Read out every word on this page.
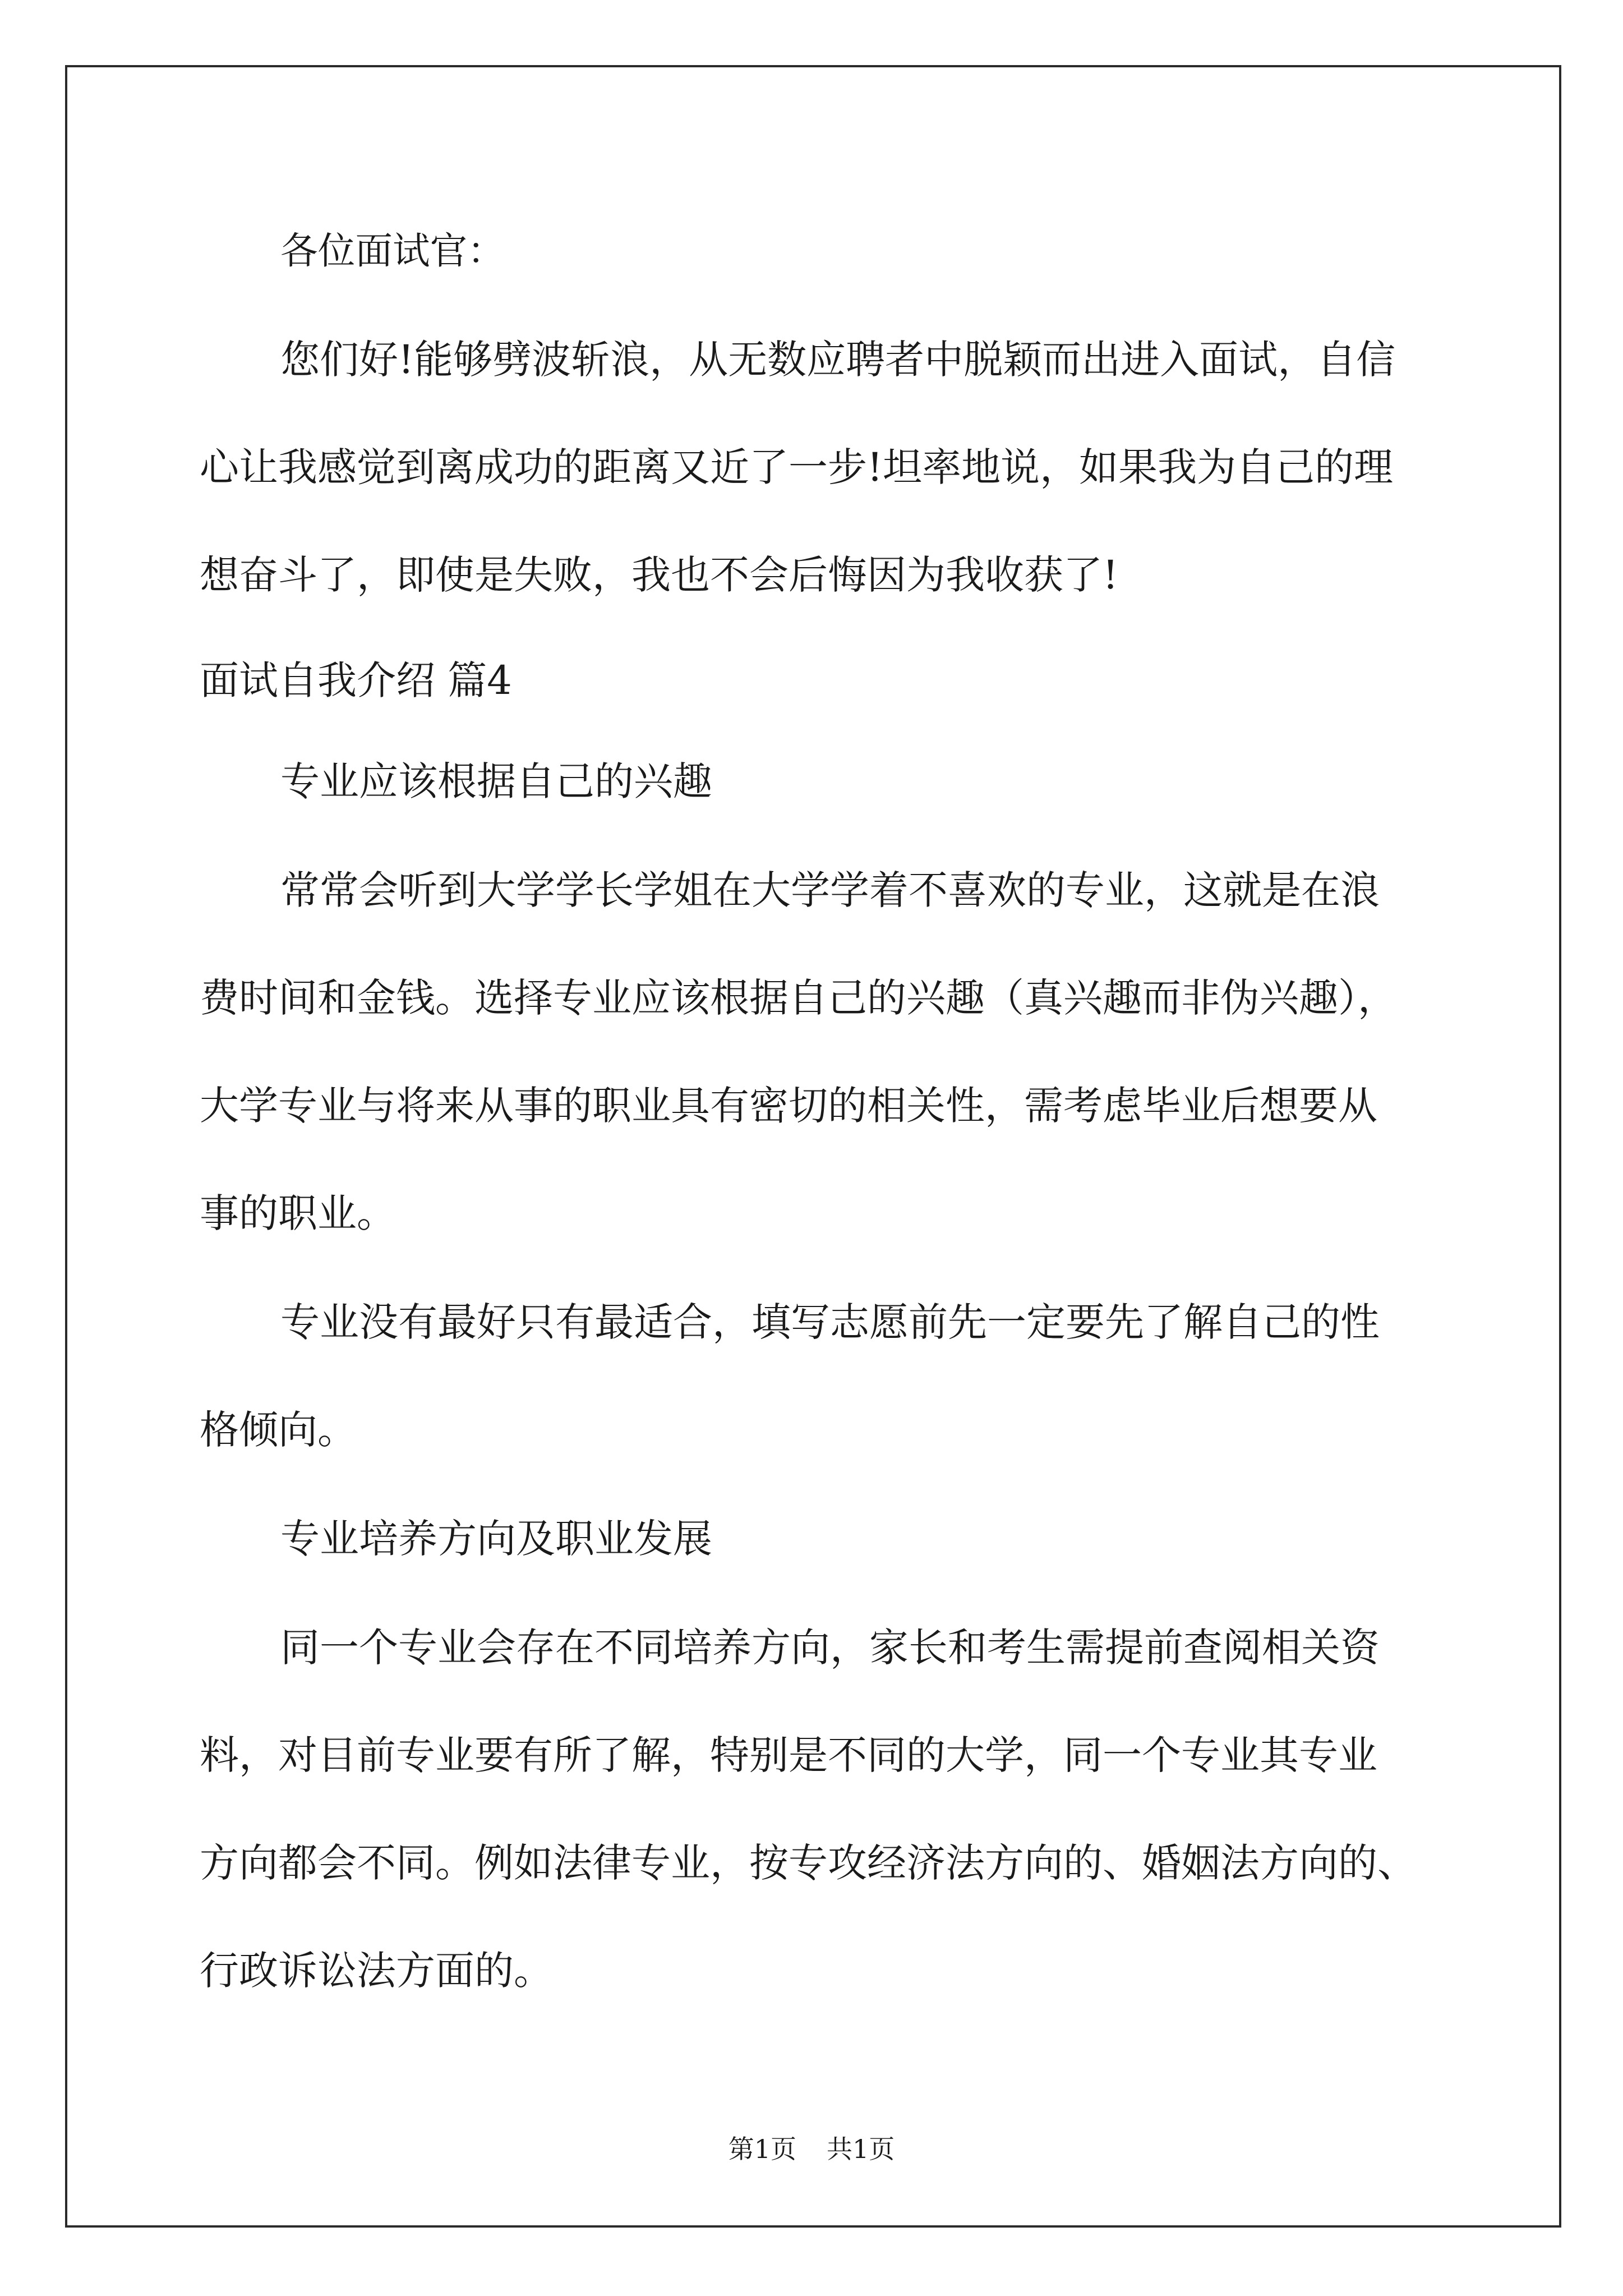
各位面试官：
您们好!能够劈波斩浪，从无数应聘者中脱颖而出进入面试，自信
心让我感觉到离成功的距离又近了一步!坦率地说，如果我为自己的理
想奋斗了，即使是失败，我也不会后悔因为我收获了!
面试自我介绍 篇4
专业应该根据自己的兴趣
常常会听到大学学长学姐在大学学着不喜欢的专业，这就是在浪
费时间和金钱。选择专业应该根据自己的兴趣（真兴趣而非伪兴趣），
大学专业与将来从事的职业具有密切的相关性，需考虑毕业后想要从
事的职业。
专业没有最好只有最适合，填写志愿前先一定要先了解自己的性
格倾向。
专业培养方向及职业发展
同一个专业会存在不同培养方向，家长和考生需提前查阅相关资
料，对目前专业要有所了解，特别是不同的大学，同一个专业其专业
方向都会不同。例如法律专业，按专攻经济法方向的、婚姻法方向的、
行政诉讼法方面的。
第1页 共1页
